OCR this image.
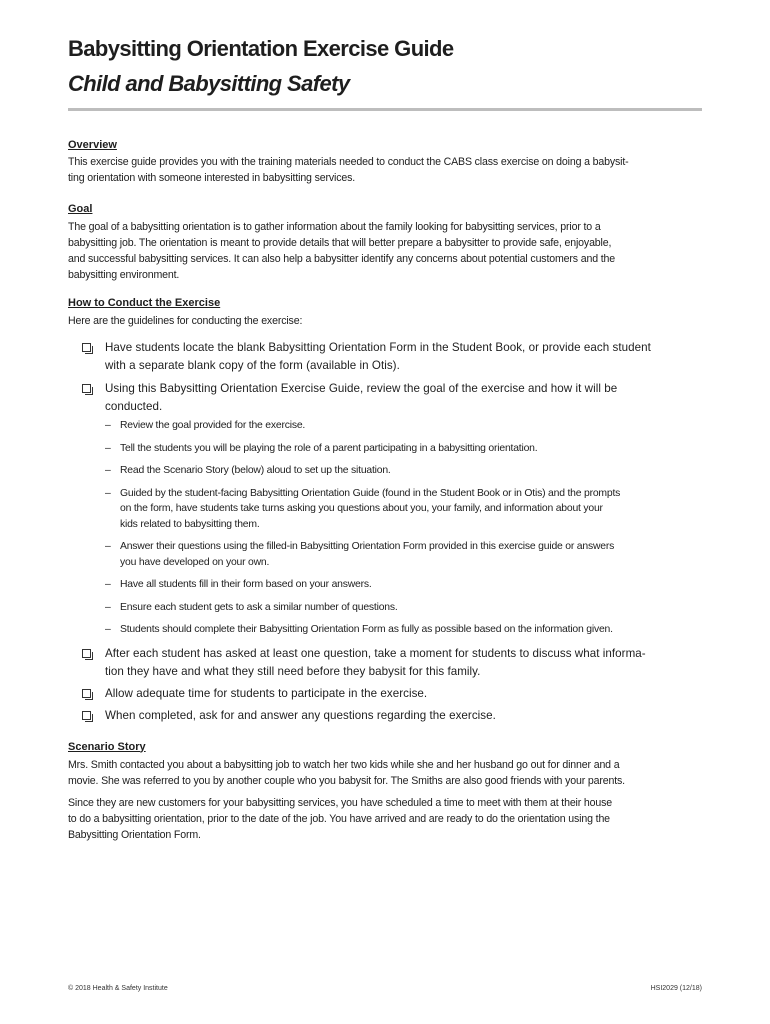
Babysitting Orientation Exercise Guide
Child and Babysitting Safety
Overview
This exercise guide provides you with the training materials needed to conduct the CABS class exercise on doing a babysit-
ting orientation with someone interested in babysitting services.
Goal
The goal of a babysitting orientation is to gather information about the family looking for babysitting services, prior to a
babysitting job. The orientation is meant to provide details that will better prepare a babysitter to provide safe, enjoyable,
and successful babysitting services. It can also help a babysitter identify any concerns about potential customers and the
babysitting environment.
How to Conduct the Exercise
Here are the guidelines for conducting the exercise:
Have students locate the blank Babysitting Orientation Form in the Student Book, or provide each student
with a separate blank copy of the form (available in Otis).
Using this Babysitting Orientation Exercise Guide, review the goal of the exercise and how it will be
conducted.
– Review the goal provided for the exercise.
– Tell the students you will be playing the role of a parent participating in a babysitting orientation.
– Read the Scenario Story (below) aloud to set up the situation.
– Guided by the student-facing Babysitting Orientation Guide (found in the Student Book or in Otis) and the prompts
on the form, have students take turns asking you questions about you, your family, and information about your
kids related to babysitting them.
– Answer their questions using the filled-in Babysitting Orientation Form provided in this exercise guide or answers
you have developed on your own.
– Have all students fill in their form based on your answers.
– Ensure each student gets to ask a similar number of questions.
– Students should complete their Babysitting Orientation Form as fully as possible based on the information given.
After each student has asked at least one question, take a moment for students to discuss what informa-
tion they have and what they still need before they babysit for this family.
Allow adequate time for students to participate in the exercise.
When completed, ask for and answer any questions regarding the exercise.
Scenario Story
Mrs. Smith contacted you about a babysitting job to watch her two kids while she and her husband go out for dinner and a
movie. She was referred to you by another couple who you babysit for. The Smiths are also good friends with your parents.
Since they are new customers for your babysitting services, you have scheduled a time to meet with them at their house
to do a babysitting orientation, prior to the date of the job. You have arrived and are ready to do the orientation using the
Babysitting Orientation Form.
© 2018 Health & Safety Institute	HSI2029 (12/18)
